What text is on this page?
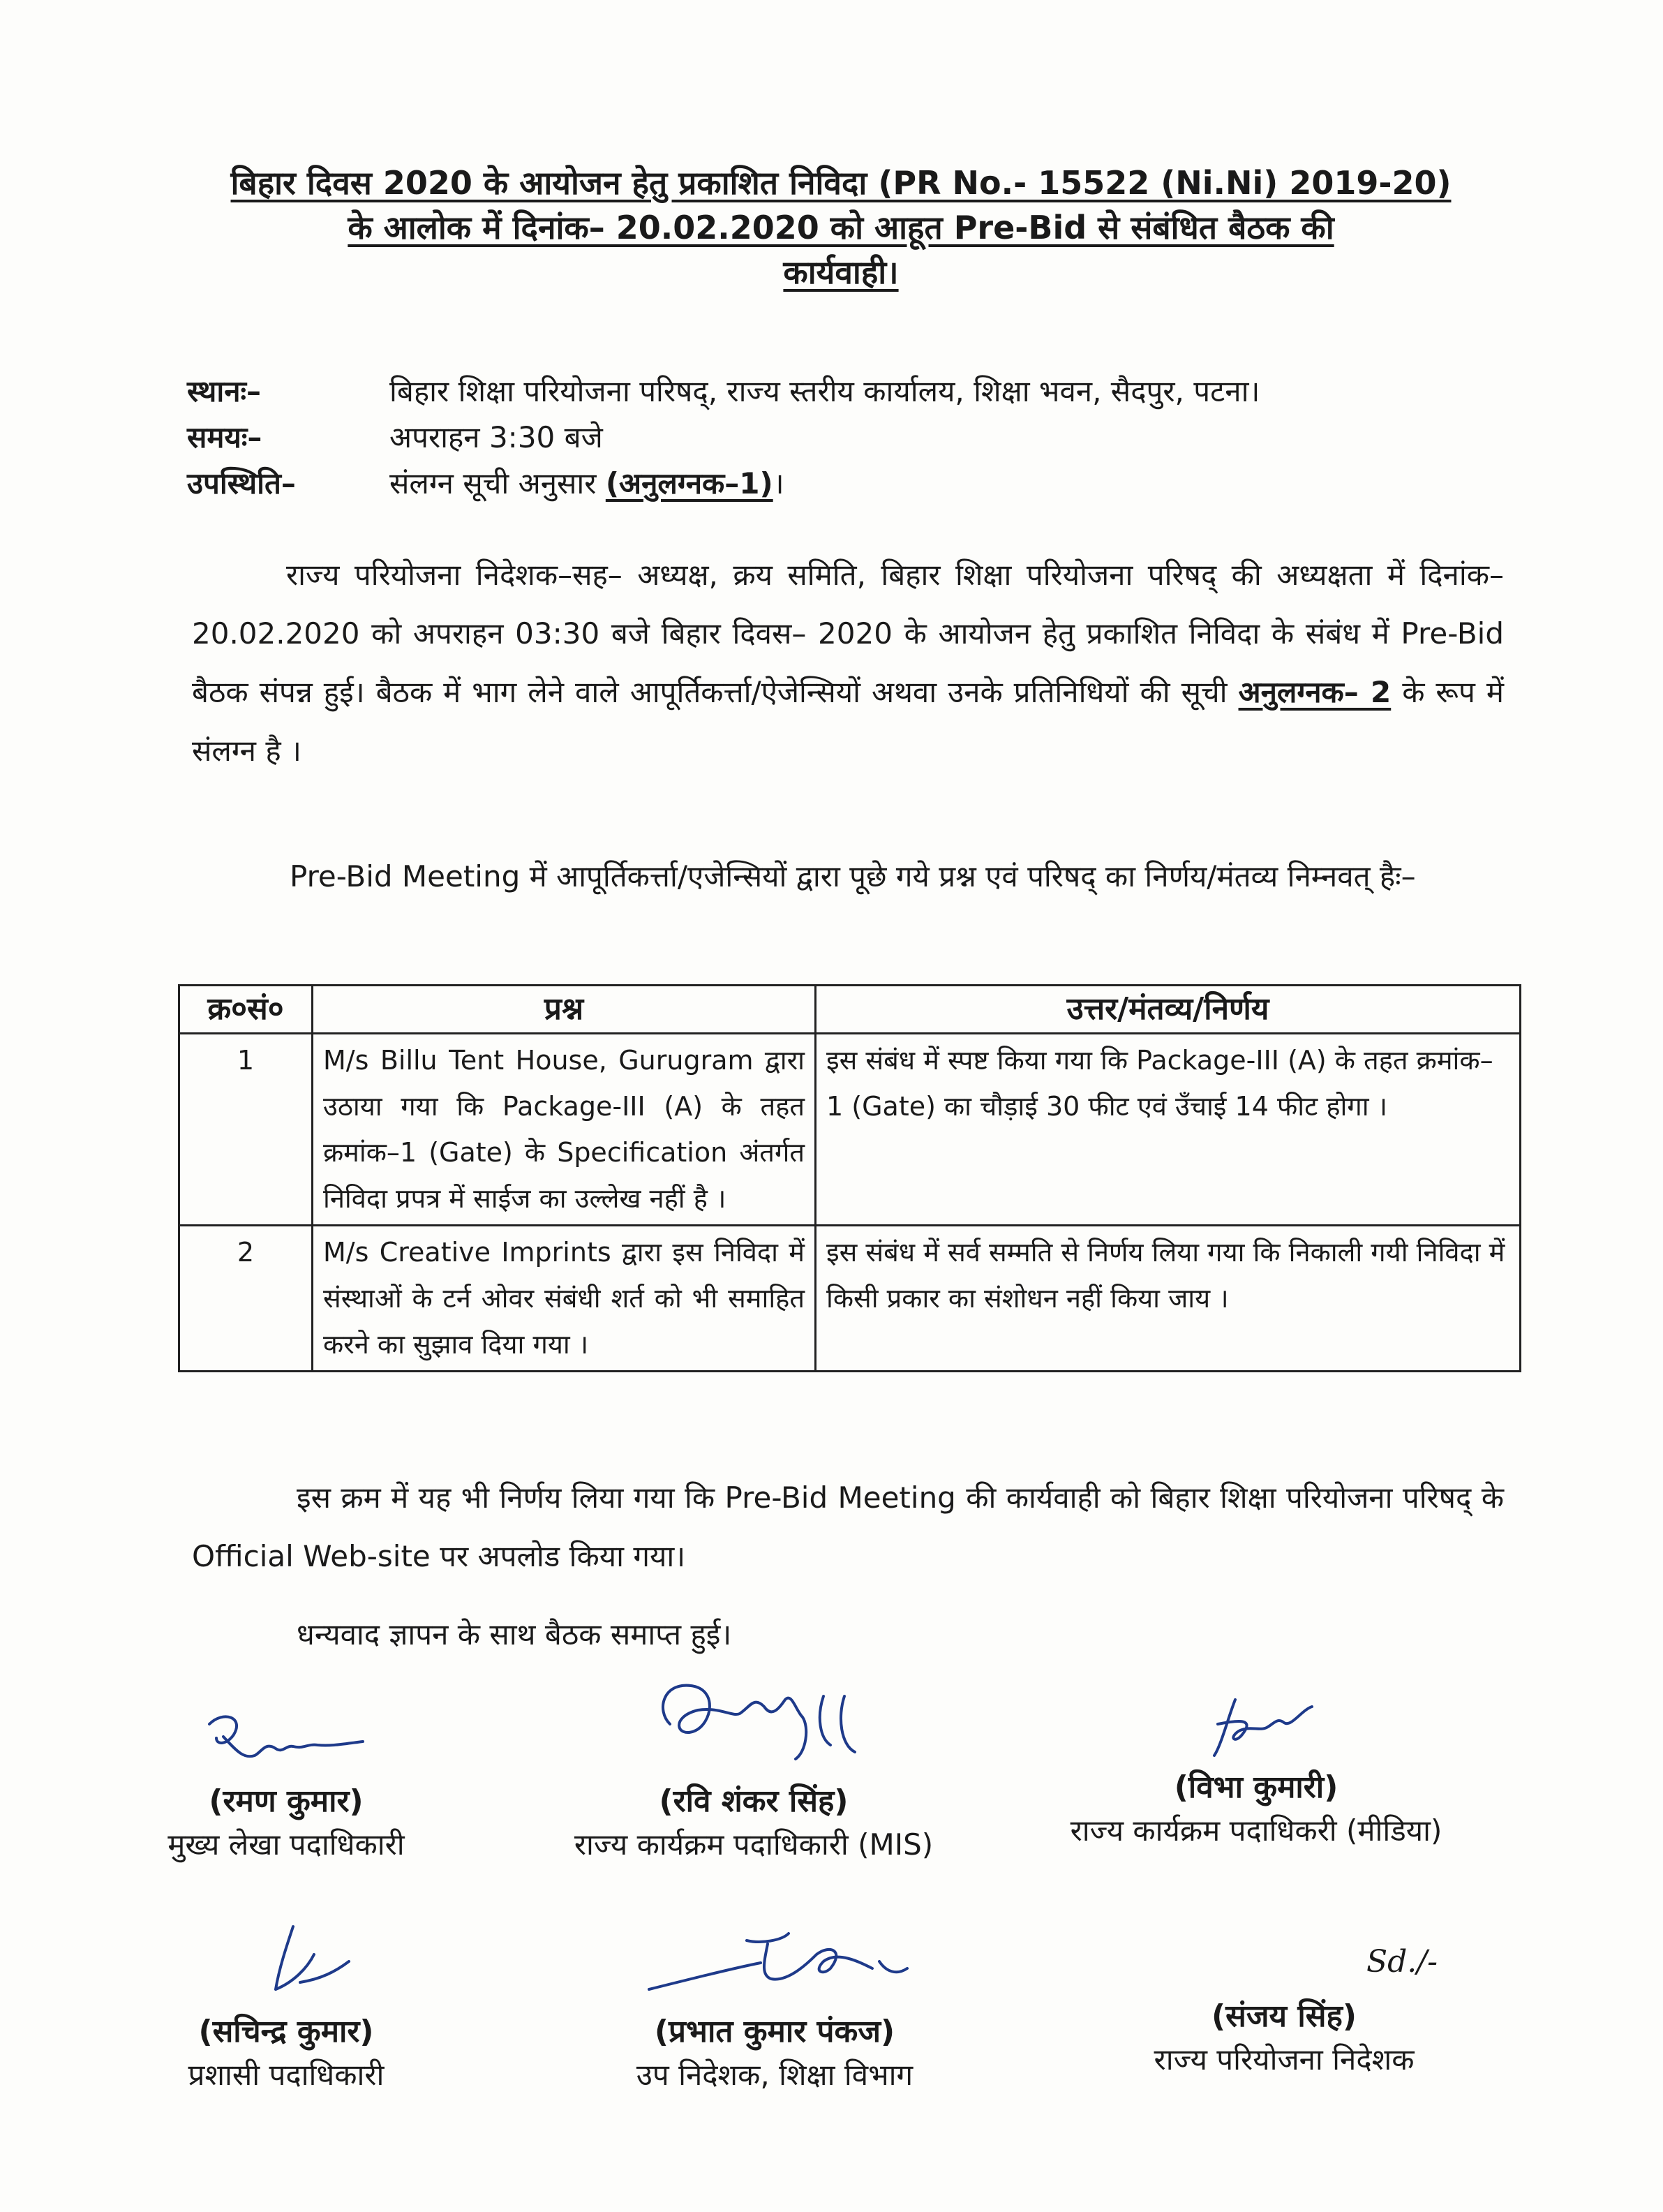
बिहार दिवस 2020 के आयोजन हेतु प्रकाशित निविदा (PR No.- 15522 (Ni.Ni) 2019-20)
के आलोक में दिनांक– 20.02.2020 को आहूत Pre-Bid से संबंधित बैठक की
कार्यवाही।
स्थानः–	बिहार शिक्षा परियोजना परिषद्, राज्य स्तरीय कार्यालय, शिक्षा भवन, सैदपुर, पटना।
समयः–	अपराहन 3:30 बजे
उपस्थिति–	संलग्न सूची अनुसार
(अनुलग्नक–1) ।
राज्य परियोजना निदेशक–सह– अध्यक्ष, क्रय समिति, बिहार शिक्षा परियोजना परिषद् की अध्यक्षता में दिनांक–20.02.2020 को अपराहन 03:30 बजे बिहार दिवस– 2020 के आयोजन हेतु प्रकाशित निविदा के संबंध में Pre-Bid बैठक संपन्न हुई। बैठक में भाग लेने वाले आपूर्तिकर्त्ता/ऐजेन्सियों अथवा उनके प्रतिनिधियों की सूची अनुलग्नक– 2 के रूप में संलग्न है ।
Pre-Bid Meeting में आपूर्तिकर्त्ता/एजेन्सियों द्वारा पूछे गये प्रश्न एवं परिषद् का निर्णय/मंतव्य निम्नवत् हैः–
क्र०सं०	प्रश्न	उत्तर/मंतव्य/निर्णय
1	M/s Billu Tent House, Gurugram द्वारा उठाया गया कि Package-III (A) के तहत क्रमांक–1 (Gate) के Specification अंतर्गत निविदा प्रपत्र में साईज का उल्लेख नहीं है ।	इस संबंध में स्पष्ट किया गया कि Package-III (A) के तहत क्रमांक–1 (Gate) का चौड़ाई 30 फीट एवं उँचाई 14 फीट होगा ।
2	M/s Creative Imprints द्वारा इस निविदा में संस्थाओं के टर्न ओवर संबंधी शर्त को भी समाहित करने का सुझाव दिया गया ।	इस संबंध में सर्व सम्मति से निर्णय लिया गया कि निकाली गयी निविदा में किसी प्रकार का संशोधन नहीं किया जाय ।
इस क्रम में यह भी निर्णय लिया गया कि Pre-Bid Meeting की कार्यवाही को बिहार शिक्षा परियोजना परिषद् के Official Web-site पर अपलोड किया गया।
धन्यवाद ज्ञापन के साथ बैठक समाप्त हुई।
(रमण कुमार)
मुख्य लेखा पदाधिकारी
(रवि शंकर सिंह)
राज्य कार्यक्रम पदाधिकारी (MIS)
(विभा कुमारी)
राज्य कार्यक्रम पदाधिकरी (मीडिया)
(सचिन्द्र कुमार)
प्रशासी पदाधिकारी
(प्रभात कुमार पंकज)
उप निदेशक, शिक्षा विभाग
Sd./-
(संजय सिंह)
राज्य परियोजना निदेशक
